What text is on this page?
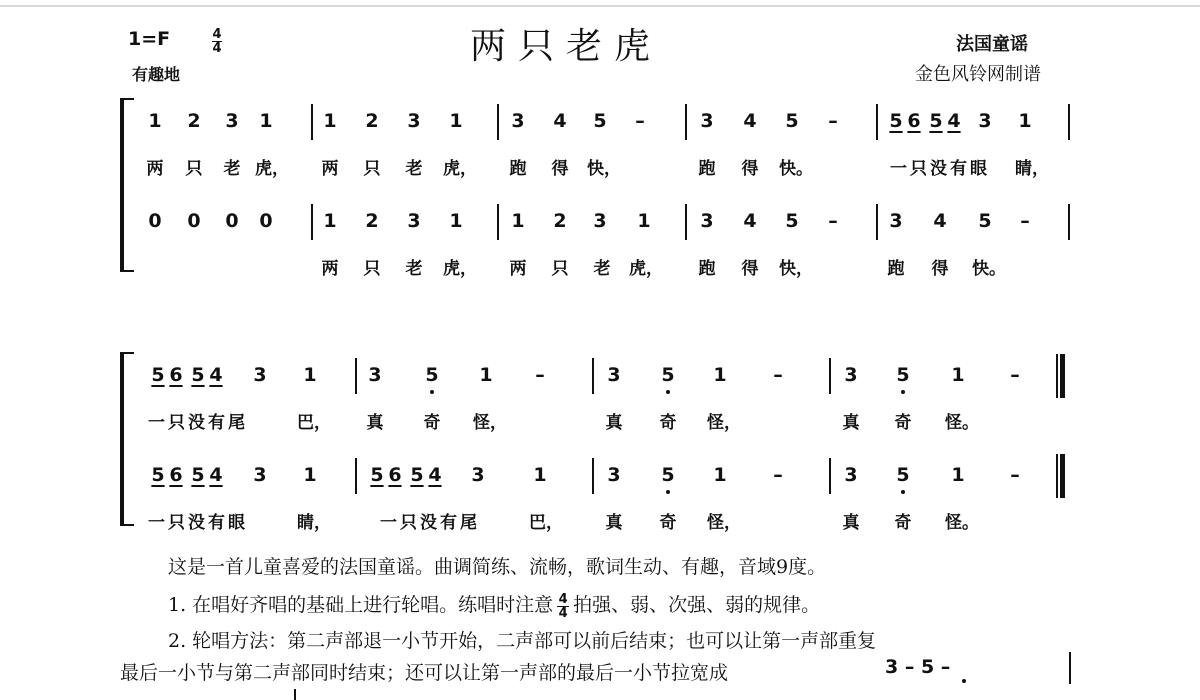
两只老虎
1=F	$\frac{4}{4}$
有趣地
法国童谣
金色风铃网制谱
1 2 3 1	1 2 3 1	3 4 5	–	3 4 5	–	5 6 5 4 3 1
两	只	老 虎，	两	只	老	虎，	跑	得	快，	跑	得	快。	一只没有眼	睛，
0 0 0 0	1 2 3 1	1 2 3 1	3 4 5	–	3 4 5	–
两	只	老	虎，	两	只	老	虎，	跑	得	快，	跑	得	快。
5 6 5 4 3 1	3 5 1	–	3 5 1	–	3 5 1	–
一只没有尾	巴，	真	奇	怪，	真	奇	怪，	真	奇	怪。
5 6 5 4 3 1	5 6 5 4 3	1	3 5 1	–	3 5 1	–
一只没有眼	睛，	一只没有尾	巴，	真	奇	怪，	真	奇	怪。
这是一首儿童喜爱的法国童谣。曲调简练、流畅，歌词生动、有趣，音域9度。
1. 在唱好齐唱的基础上进行轮唱。练唱时注意 $\frac{4}{4}$ 拍强、弱、次强、弱的规律。
2. 轮唱方法：第二声部退一小节开始，二声部可以前后结束；也可以让第一声部重复
最后一小节与第二声部同时结束；还可以让第一声部的最后一小节拉宽成	3 – 5 –
